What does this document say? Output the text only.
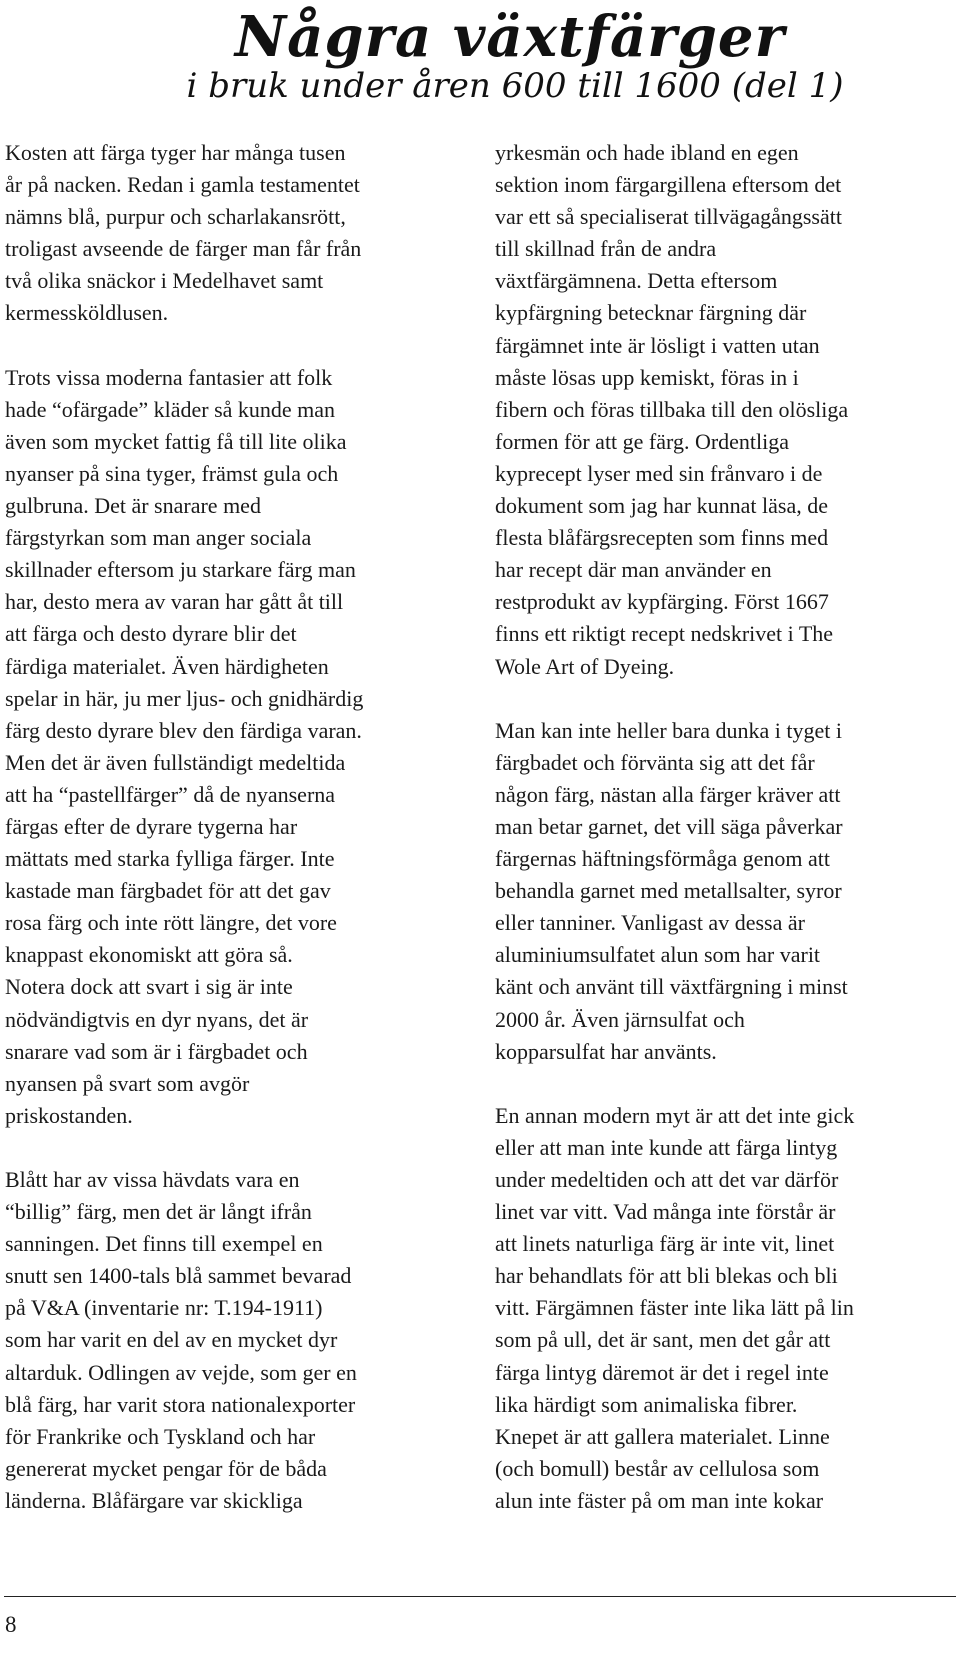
Några växtfärger
i bruk under åren 600 till 1600 (del 1)

Kosten att färga tyger har många tusen
år på nacken. Redan i gamla testamentet
nämns blå, purpur och scharlakansrött,
troligast avseende de färger man får från
två olika snäckor i Medelhavet samt
kermessköldlusen.

Trots vissa moderna fantasier att folk
hade “ofärgade” kläder så kunde man
även som mycket fattig få till lite olika
nyanser på sina tyger, främst gula och
gulbruna. Det är snarare med
färgstyrkan som man anger sociala
skillnader eftersom ju starkare färg man
har, desto mera av varan har gått åt till
att färga och desto dyrare blir det
färdiga materialet. Även härdigheten
spelar in här, ju mer ljus- och gnidhärdig
färg desto dyrare blev den färdiga varan.
Men det är även fullständigt medeltida
att ha “pastellfärger” då de nyanserna
färgas efter de dyrare tygerna har
mättats med starka fylliga färger. Inte
kastade man färgbadet för att det gav
rosa färg och inte rött längre, det vore
knappast ekonomiskt att göra så.
Notera dock att svart i sig är inte
nödvändigtvis en dyr nyans, det är
snarare vad som är i färgbadet och
nyansen på svart som avgör
priskostanden.

Blått har av vissa hävdats vara en
“billig” färg, men det är långt ifrån
sanningen. Det finns till exempel en
snutt sen 1400-tals blå sammet bevarad
på V&A (inventarie nr: T.194-1911)
som har varit en del av en mycket dyr
altarduk. Odlingen av vejde, som ger en
blå färg, har varit stora nationalexporter
för Frankrike och Tyskland och har
genererat mycket pengar för de båda
länderna. Blåfärgare var skickliga

yrkesmän och hade ibland en egen
sektion inom färgargillena eftersom det
var ett så specialiserat tillvägagångssätt
till skillnad från de andra
växtfärgämnena. Detta eftersom
kypfärgning betecknar färgning där
färgämnet inte är lösligt i vatten utan
måste lösas upp kemiskt, föras in i
fibern och föras tillbaka till den olösliga
formen för att ge färg. Ordentliga
kyprecept lyser med sin frånvaro i de
dokument som jag har kunnat läsa, de
flesta blåfärgsrecepten som finns med
har recept där man använder en
restprodukt av kypfärging. Först 1667
finns ett riktigt recept nedskrivet i The
Wole Art of Dyeing.

Man kan inte heller bara dunka i tyget i
färgbadet och förvänta sig att det får
någon färg, nästan alla färger kräver att
man betar garnet, det vill säga påverkar
färgernas häftningsförmåga genom att
behandla garnet med metallsalter, syror
eller tanniner. Vanligast av dessa är
aluminiumsulfatet alun som har varit
känt och använt till växtfärgning i minst
2000 år. Även järnsulfat och
kopparsulfat har använts.

En annan modern myt är att det inte gick
eller att man inte kunde att färga lintyg
under medeltiden och att det var därför
linet var vitt. Vad många inte förstår är
att linets naturliga färg är inte vit, linet
har behandlats för att bli blekas och bli
vitt. Färgämnen fäster inte lika lätt på lin
som på ull, det är sant, men det går att
färga lintyg däremot är det i regel inte
lika härdigt som animaliska fibrer.
Knepet är att gallera materialet. Linne
(och bomull) består av cellulosa som
alun inte fäster på om man inte kokar

8
